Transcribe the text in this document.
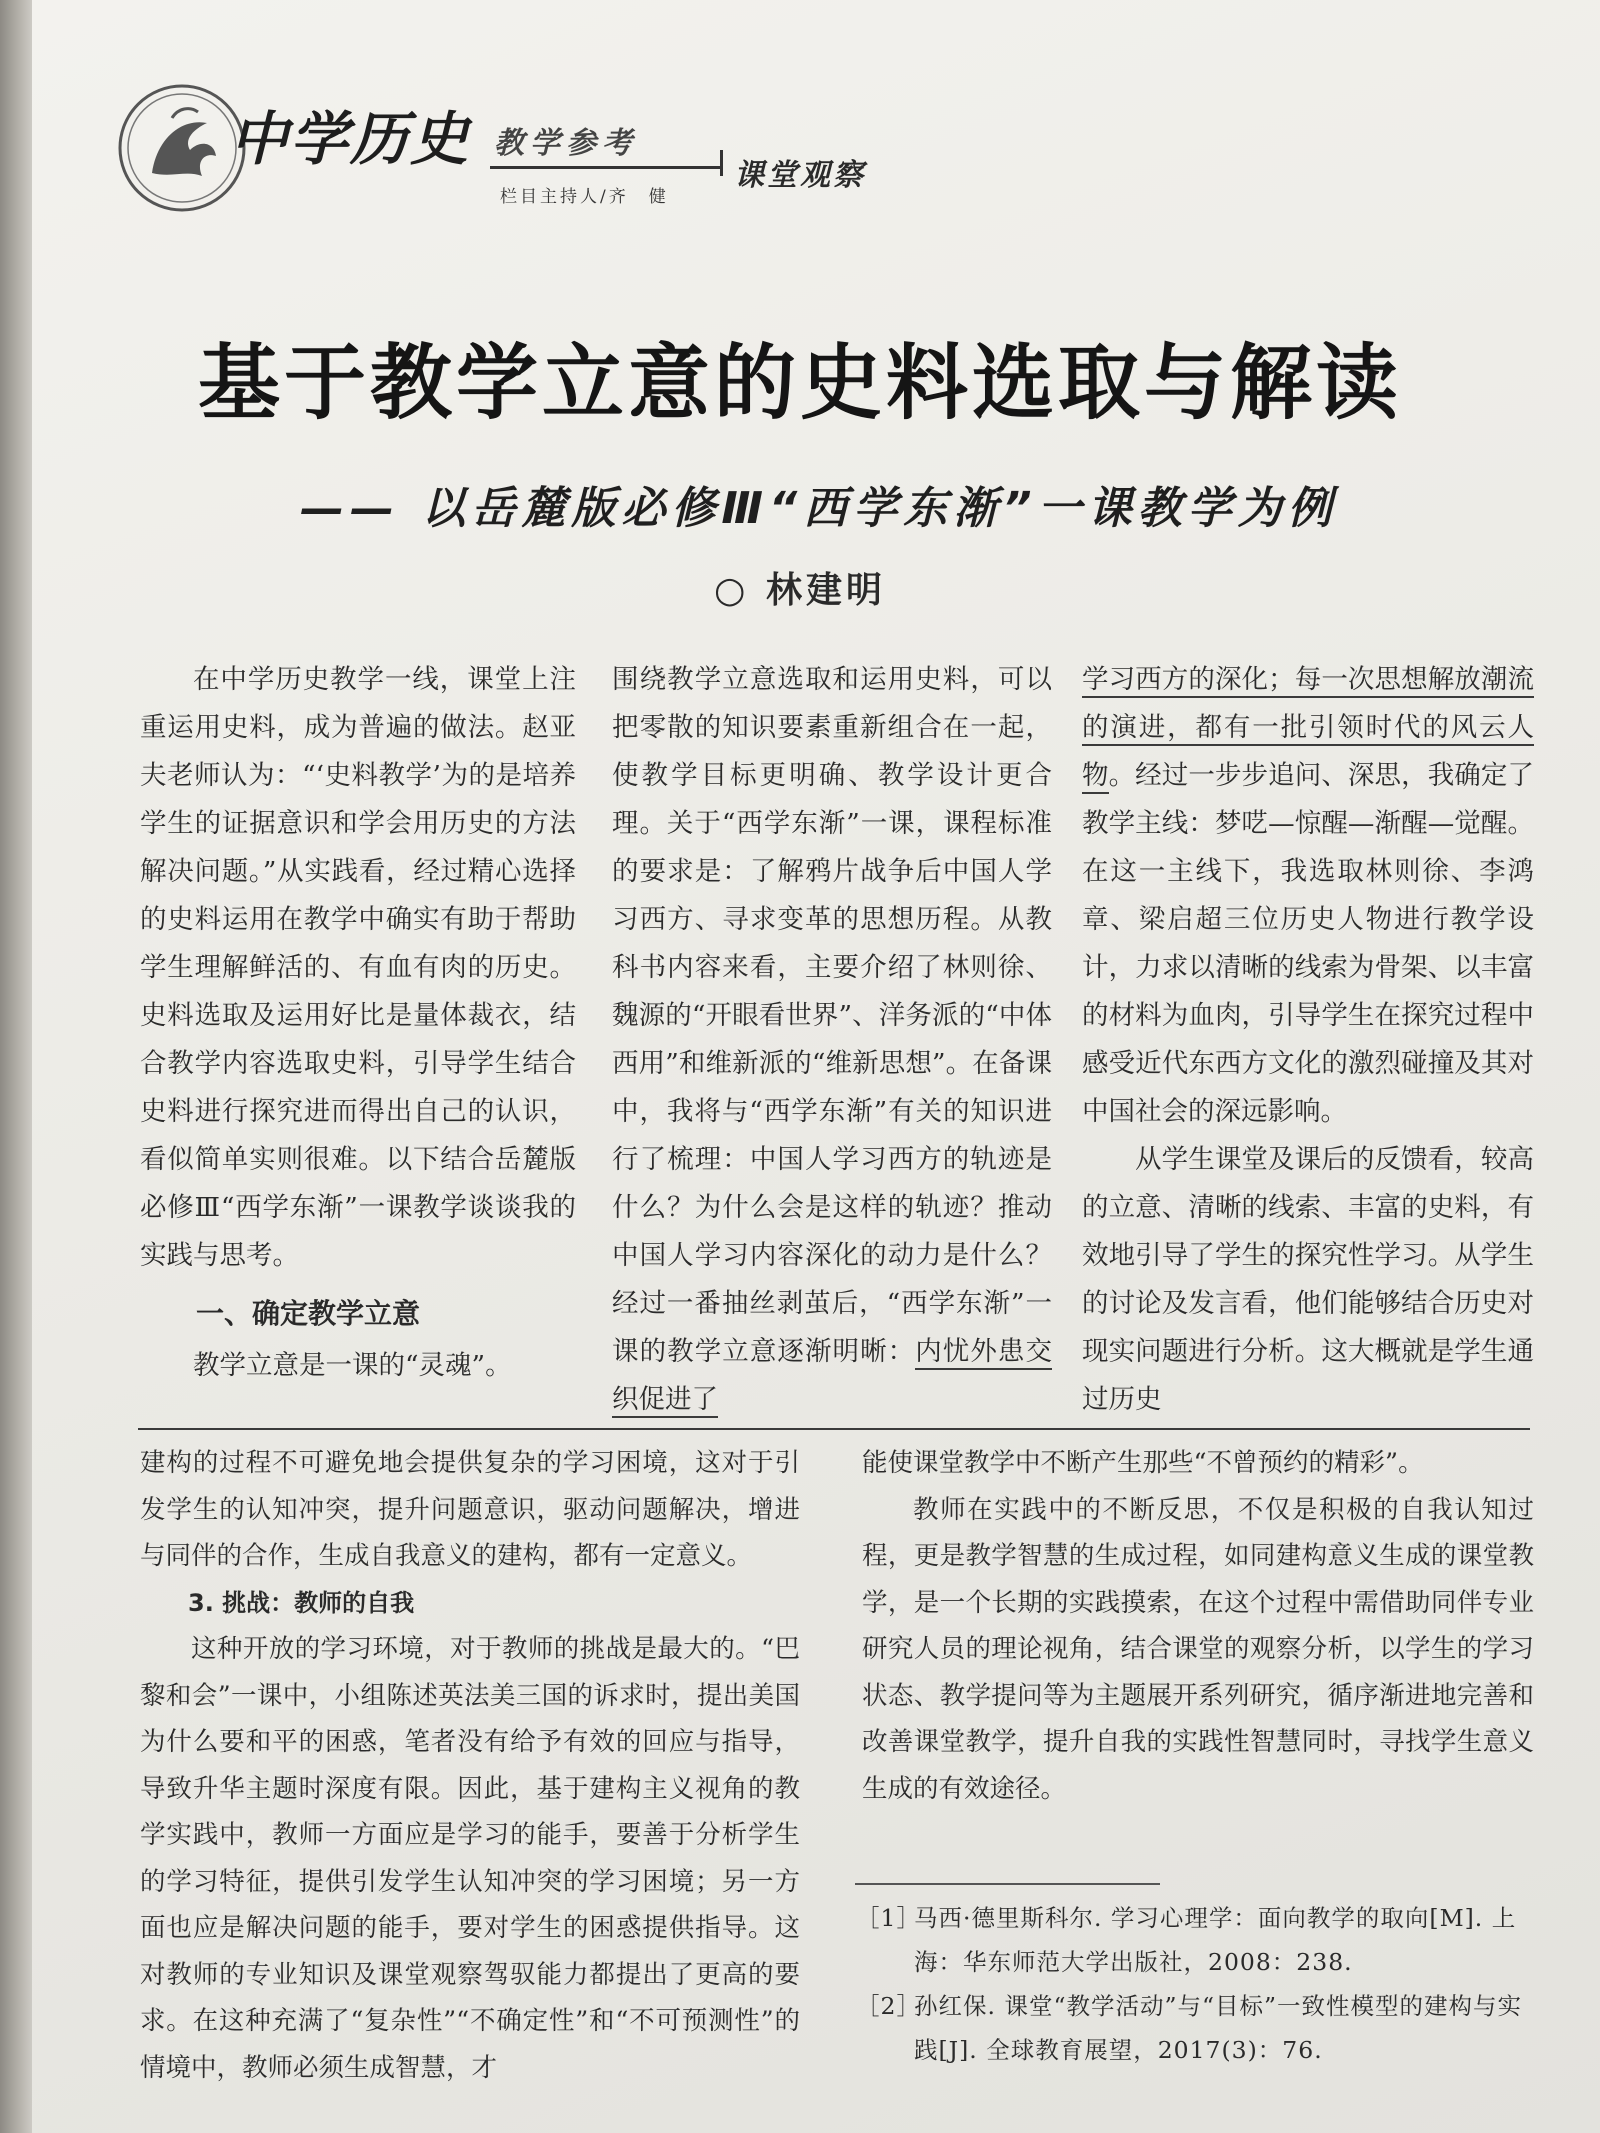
中学历史 教学参考
课堂观察
栏目主持人/齐　健
基于教学立意的史料选取与解读
—— 以岳麓版必修Ⅲ“西学东渐”一课教学为例
○ 林建明

在中学历史教学一线，课堂上注重运用史料，成为普遍的做法。赵亚夫老师认为：“‘史料教学’为的是培养学生的证据意识和学会用历史的方法解决问题。”从实践看，经过精心选择的史料运用在教学中确实有助于帮助学生理解鲜活的、有血有肉的历史。史料选取及运用好比是量体裁衣，结合教学内容选取史料，引导学生结合史料进行探究进而得出自己的认识，看似简单实则很难。以下结合岳麓版必修Ⅲ“西学东渐”一课教学谈谈我的实践与思考。

一、确定教学立意

教学立意是一课的“灵魂”。

围绕教学立意选取和运用史料，可以把零散的知识要素重新组合在一起，使教学目标更明确、教学设计更合理。关于“西学东渐”一课，课程标准的要求是：了解鸦片战争后中国人学习西方、寻求变革的思想历程。从教科书内容来看，主要介绍了林则徐、魏源的“开眼看世界”、洋务派的“中体西用”和维新派的“维新思想”。在备课中，我将与“西学东渐”有关的知识进行了梳理：中国人学习西方的轨迹是什么？为什么会是这样的轨迹？推动中国人学习内容深化的动力是什么？经过一番抽丝剥茧后，“西学东渐”一课的教学立意逐渐明晰：内忧外患交织促进了

学习西方的深化；每一次思想解放潮流的演进，都有一批引领时代的风云人物。经过一步步追问、深思，我确定了教学主线：梦呓—惊醒—渐醒—觉醒。在这一主线下，我选取林则徐、李鸿章、梁启超三位历史人物进行教学设计，力求以清晰的线索为骨架、以丰富的材料为血肉，引导学生在探究过程中感受近代东西方文化的激烈碰撞及其对中国社会的深远影响。

从学生课堂及课后的反馈看，较高的立意、清晰的线索、丰富的史料，有效地引导了学生的探究性学习。从学生的讨论及发言看，他们能够结合历史对现实问题进行分析。这大概就是学生通过历史

建构的过程不可避免地会提供复杂的学习困境，这对于引发学生的认知冲突，提升问题意识，驱动问题解决，增进与同伴的合作，生成自我意义的建构，都有一定意义。

3. 挑战：教师的自我

这种开放的学习环境，对于教师的挑战是最大的。“巴黎和会”一课中，小组陈述英法美三国的诉求时，提出美国为什么要和平的困惑，笔者没有给予有效的回应与指导，导致升华主题时深度有限。因此，基于建构主义视角的教学实践中，教师一方面应是学习的能手，要善于分析学生的学习特征，提供引发学生认知冲突的学习困境；另一方面也应是解决问题的能手，要对学生的困惑提供指导。这对教师的专业知识及课堂观察驾驭能力都提出了更高的要求。在这种充满了“复杂性”“不确定性”和“不可预测性”的情境中，教师必须生成智慧，才

能使课堂教学中不断产生那些“不曾预约的精彩”。

教师在实践中的不断反思，不仅是积极的自我认知过程，更是教学智慧的生成过程，如同建构意义生成的课堂教学，是一个长期的实践摸索，在这个过程中需借助同伴专业研究人员的理论视角，结合课堂的观察分析，以学生的学习状态、教学提问等为主题展开系列研究，循序渐进地完善和改善课堂教学，提升自我的实践性智慧同时，寻找学生意义生成的有效途径。

［1］
马西·德里斯科尔. 学习心理学：面向教学的取向[M]. 上海：华东师范大学出版社，2008：238.
［2］
孙红保. 课堂“教学活动”与“目标”一致性模型的建构与实践[J]. 全球教育展望，2017(3)：76.
